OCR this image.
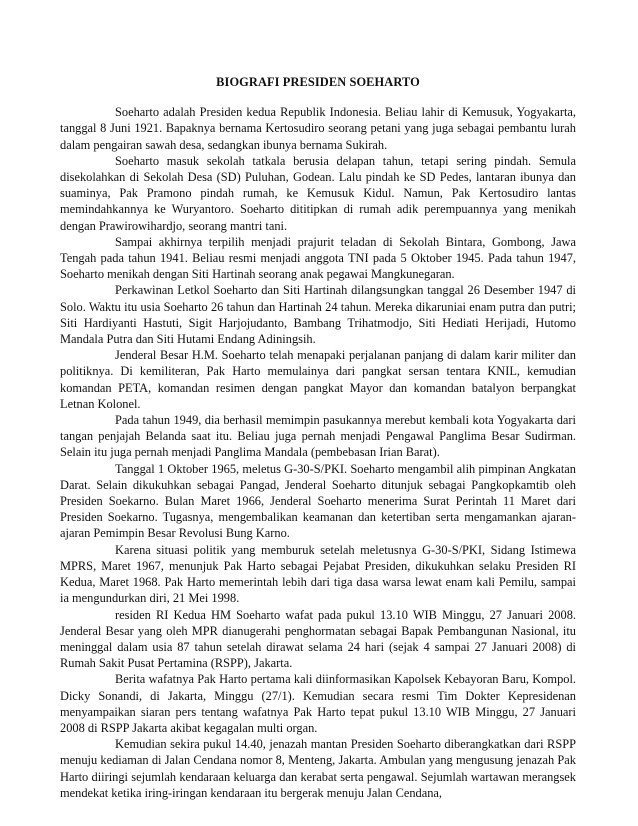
BIOGRAFI PRESIDEN SOEHARTO

Soeharto adalah Presiden kedua Republik Indonesia. Beliau lahir di Kemusuk, Yogyakarta, tanggal 8 Juni 1921. Bapaknya bernama Kertosudiro seorang petani yang juga sebagai pembantu lurah dalam pengairan sawah desa, sedangkan ibunya bernama Sukirah.

Soeharto masuk sekolah tatkala berusia delapan tahun, tetapi sering pindah. Semula disekolahkan di Sekolah Desa (SD) Puluhan, Godean. Lalu pindah ke SD Pedes, lantaran ibunya dan suaminya, Pak Pramono pindah rumah, ke Kemusuk Kidul. Namun, Pak Kertosudiro lantas memindahkannya ke Wuryantoro. Soeharto dititipkan di rumah adik perempuannya yang menikah dengan Prawirowihardjo, seorang mantri tani.

Sampai akhirnya terpilih menjadi prajurit teladan di Sekolah Bintara, Gombong, Jawa Tengah pada tahun 1941. Beliau resmi menjadi anggota TNI pada 5 Oktober 1945. Pada tahun 1947, Soeharto menikah dengan Siti Hartinah seorang anak pegawai Mangkunegaran.

Perkawinan Letkol Soeharto dan Siti Hartinah dilangsungkan tanggal 26 Desember 1947 di Solo. Waktu itu usia Soeharto 26 tahun dan Hartinah 24 tahun. Mereka dikaruniai enam putra dan putri; Siti Hardiyanti Hastuti, Sigit Harjojudanto, Bambang Trihatmodjo, Siti Hediati Herijadi, Hutomo Mandala Putra dan Siti Hutami Endang Adiningsih.

Jenderal Besar H.M. Soeharto telah menapaki perjalanan panjang di dalam karir militer dan politiknya. Di kemiliteran, Pak Harto memulainya dari pangkat sersan tentara KNIL, kemudian komandan PETA, komandan resimen dengan pangkat Mayor dan komandan batalyon berpangkat Letnan Kolonel.

Pada tahun 1949, dia berhasil memimpin pasukannya merebut kembali kota Yogyakarta dari tangan penjajah Belanda saat itu. Beliau juga pernah menjadi Pengawal Panglima Besar Sudirman. Selain itu juga pernah menjadi Panglima Mandala (pembebasan Irian Barat).

Tanggal 1 Oktober 1965, meletus G-30-S/PKI. Soeharto mengambil alih pimpinan Angkatan Darat. Selain dikukuhkan sebagai Pangad, Jenderal Soeharto ditunjuk sebagai Pangkopkamtib oleh Presiden Soekarno. Bulan Maret 1966, Jenderal Soeharto menerima Surat Perintah 11 Maret dari Presiden Soekarno. Tugasnya, mengembalikan keamanan dan ketertiban serta mengamankan ajaran-ajaran Pemimpin Besar Revolusi Bung Karno.

Karena situasi politik yang memburuk setelah meletusnya G-30-S/PKI, Sidang Istimewa MPRS, Maret 1967, menunjuk Pak Harto sebagai Pejabat Presiden, dikukuhkan selaku Presiden RI Kedua, Maret 1968. Pak Harto memerintah lebih dari tiga dasa warsa lewat enam kali Pemilu, sampai ia mengundurkan diri, 21 Mei 1998.

residen RI Kedua HM Soeharto wafat pada pukul 13.10 WIB Minggu, 27 Januari 2008. Jenderal Besar yang oleh MPR dianugerahi penghormatan sebagai Bapak Pembangunan Nasional, itu meninggal dalam usia 87 tahun setelah dirawat selama 24 hari (sejak 4 sampai 27 Januari 2008) di Rumah Sakit Pusat Pertamina (RSPP), Jakarta.

Berita wafatnya Pak Harto pertama kali diinformasikan Kapolsek Kebayoran Baru, Kompol. Dicky Sonandi, di Jakarta, Minggu (27/1). Kemudian secara resmi Tim Dokter Kepresidenan menyampaikan siaran pers tentang wafatnya Pak Harto tepat pukul 13.10 WIB Minggu, 27 Januari 2008 di RSPP Jakarta akibat kegagalan multi organ.

Kemudian sekira pukul 14.40, jenazah mantan Presiden Soeharto diberangkatkan dari RSPP menuju kediaman di Jalan Cendana nomor 8, Menteng, Jakarta. Ambulan yang mengusung jenazah Pak Harto diiringi sejumlah kendaraan keluarga dan kerabat serta pengawal. Sejumlah wartawan merangsek mendekat ketika iring-iringan kendaraan itu bergerak menuju Jalan Cendana,
